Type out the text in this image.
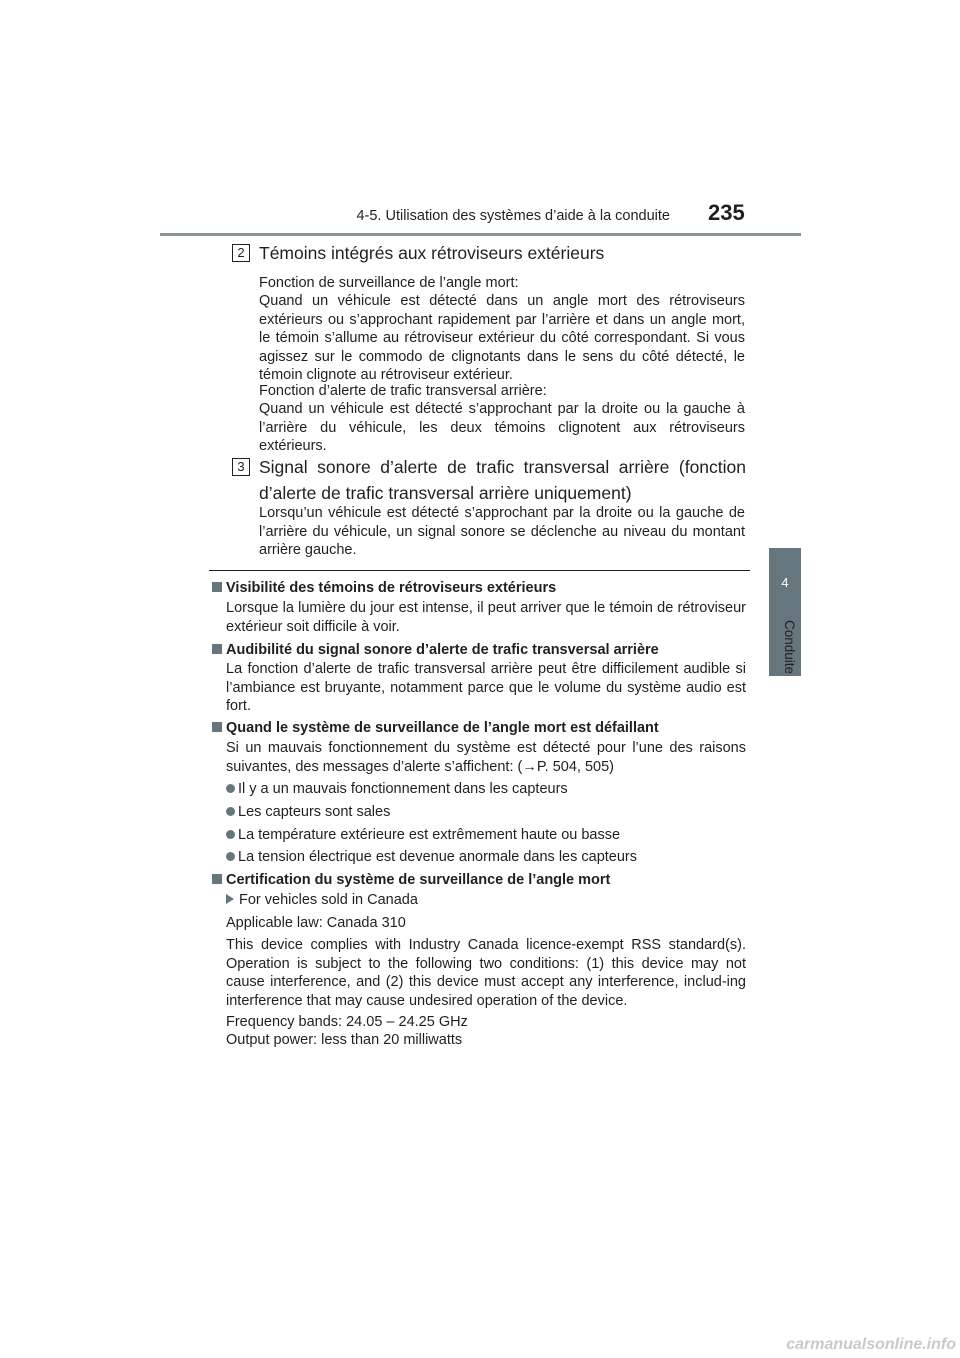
4-5. Utilisation des systèmes d’aide à la conduite 235
4
Conduite
2 Témoins intégrés aux rétroviseurs extérieurs
Fonction de surveillance de l’angle mort:
Quand un véhicule est détecté dans un angle mort des rétroviseurs extérieurs ou s’approchant rapidement par l’arrière et dans un angle mort, le témoin s’allume au rétroviseur extérieur du côté correspondant. Si vous agissez sur le commodo de clignotants dans le sens du côté détecté, le témoin clignote au rétroviseur extérieur.
Fonction d’alerte de trafic transversal arrière:
Quand un véhicule est détecté s’approchant par la droite ou la gauche à l’arrière du véhicule, les deux témoins clignotent aux rétroviseurs extérieurs.
3 Signal sonore d’alerte de trafic transversal arrière (fonction d’alerte de trafic transversal arrière uniquement)
Lorsqu’un véhicule est détecté s’approchant par la droite ou la gauche de l’arrière du véhicule, un signal sonore se déclenche au niveau du montant arrière gauche.
Visibilité des témoins de rétroviseurs extérieurs
Lorsque la lumière du jour est intense, il peut arriver que le témoin de rétroviseur extérieur soit difficile à voir.
Audibilité du signal sonore d’alerte de trafic transversal arrière
La fonction d’alerte de trafic transversal arrière peut être difficilement audible si l’ambiance est bruyante, notamment parce que le volume du système audio est fort.
Quand le système de surveillance de l’angle mort est défaillant
Si un mauvais fonctionnement du système est détecté pour l’une des raisons suivantes, des messages d’alerte s’affichent: (→P. 504, 505)
Il y a un mauvais fonctionnement dans les capteurs
Les capteurs sont sales
La température extérieure est extrêmement haute ou basse
La tension électrique est devenue anormale dans les capteurs
Certification du système de surveillance de l’angle mort
For vehicles sold in Canada
Applicable law: Canada 310
This device complies with Industry Canada licence-exempt RSS standard(s). Operation is subject to the following two conditions: (1) this device may not cause interference, and (2) this device must accept any interference, includ-ing interference that may cause undesired operation of the device.
Frequency bands: 24.05 – 24.25 GHz
Output power: less than 20 milliwatts
carmanualsonline.info
